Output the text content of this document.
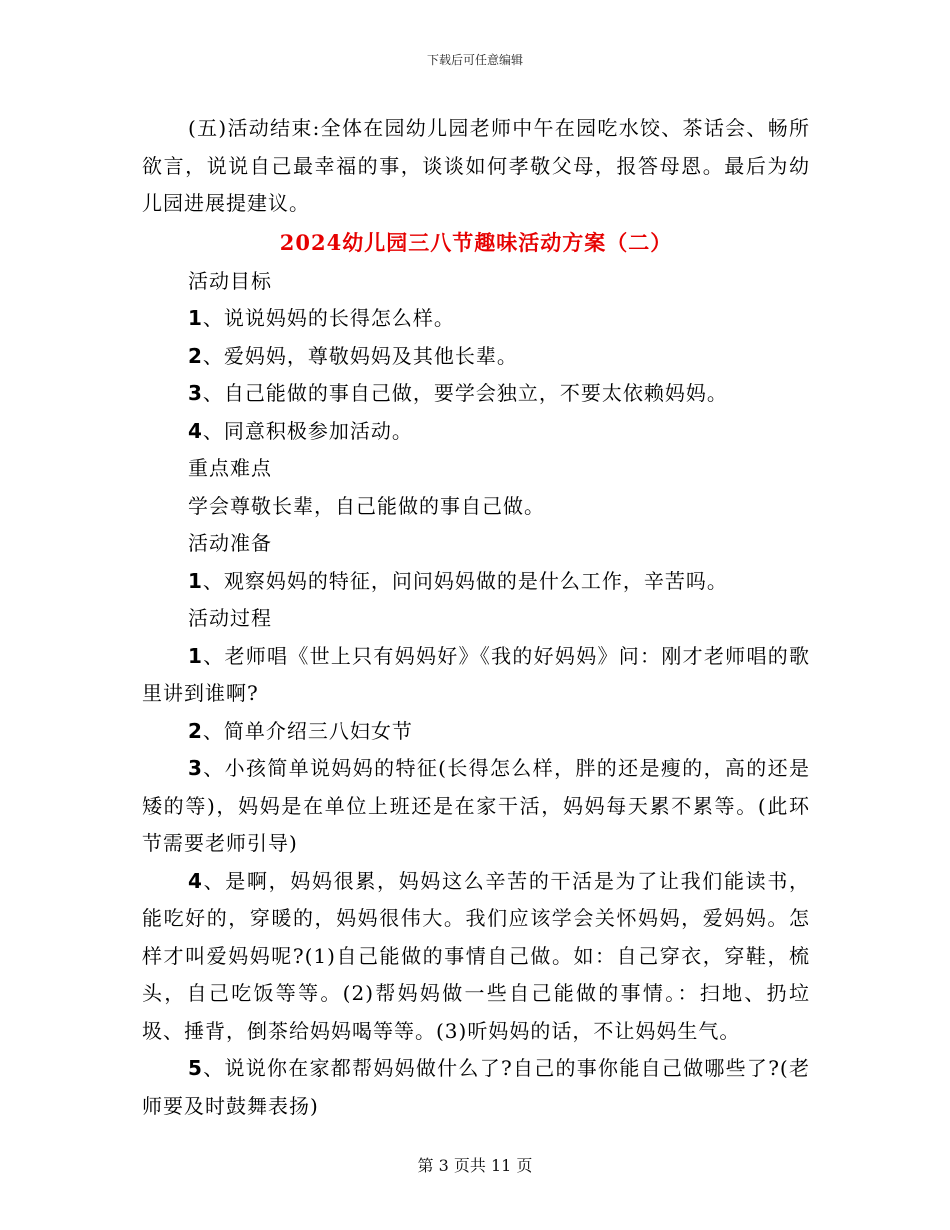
下载后可任意编辑

(五)活动结束:全体在园幼儿园老师中午在园吃水饺、茶话会、畅所欲言，说说自己最幸福的事，谈谈如何孝敬父母，报答母恩。最后为幼儿园进展提建议。

2024幼儿园三八节趣味活动方案（二）

活动目标

1、说说妈妈的长得怎么样。

2、爱妈妈，尊敬妈妈及其他长辈。

3、自己能做的事自己做，要学会独立，不要太依赖妈妈。

4、同意积极参加活动。

重点难点

学会尊敬长辈，自己能做的事自己做。

活动准备

1、观察妈妈的特征，问问妈妈做的是什么工作，辛苦吗。

活动过程

1、老师唱《世上只有妈妈好》《我的好妈妈》问：刚才老师唱的歌里讲到谁啊?

2、简单介绍三八妇女节

3、小孩简单说妈妈的特征(长得怎么样，胖的还是瘦的，高的还是矮的等)，妈妈是在单位上班还是在家干活，妈妈每天累不累等。(此环节需要老师引导)

4、是啊，妈妈很累，妈妈这么辛苦的干活是为了让我们能读书，能吃好的，穿暖的，妈妈很伟大。我们应该学会关怀妈妈，爱妈妈。怎样才叫爱妈妈呢?(1)自己能做的事情自己做。如：自己穿衣，穿鞋，梳头，自己吃饭等等。(2)帮妈妈做一些自己能做的事情。：扫地、扔垃圾、捶背，倒茶给妈妈喝等等。(3)听妈妈的话，不让妈妈生气。

5、说说你在家都帮妈妈做什么了?自己的事你能自己做哪些了?(老师要及时鼓舞表扬)

第 3 页共 11 页
